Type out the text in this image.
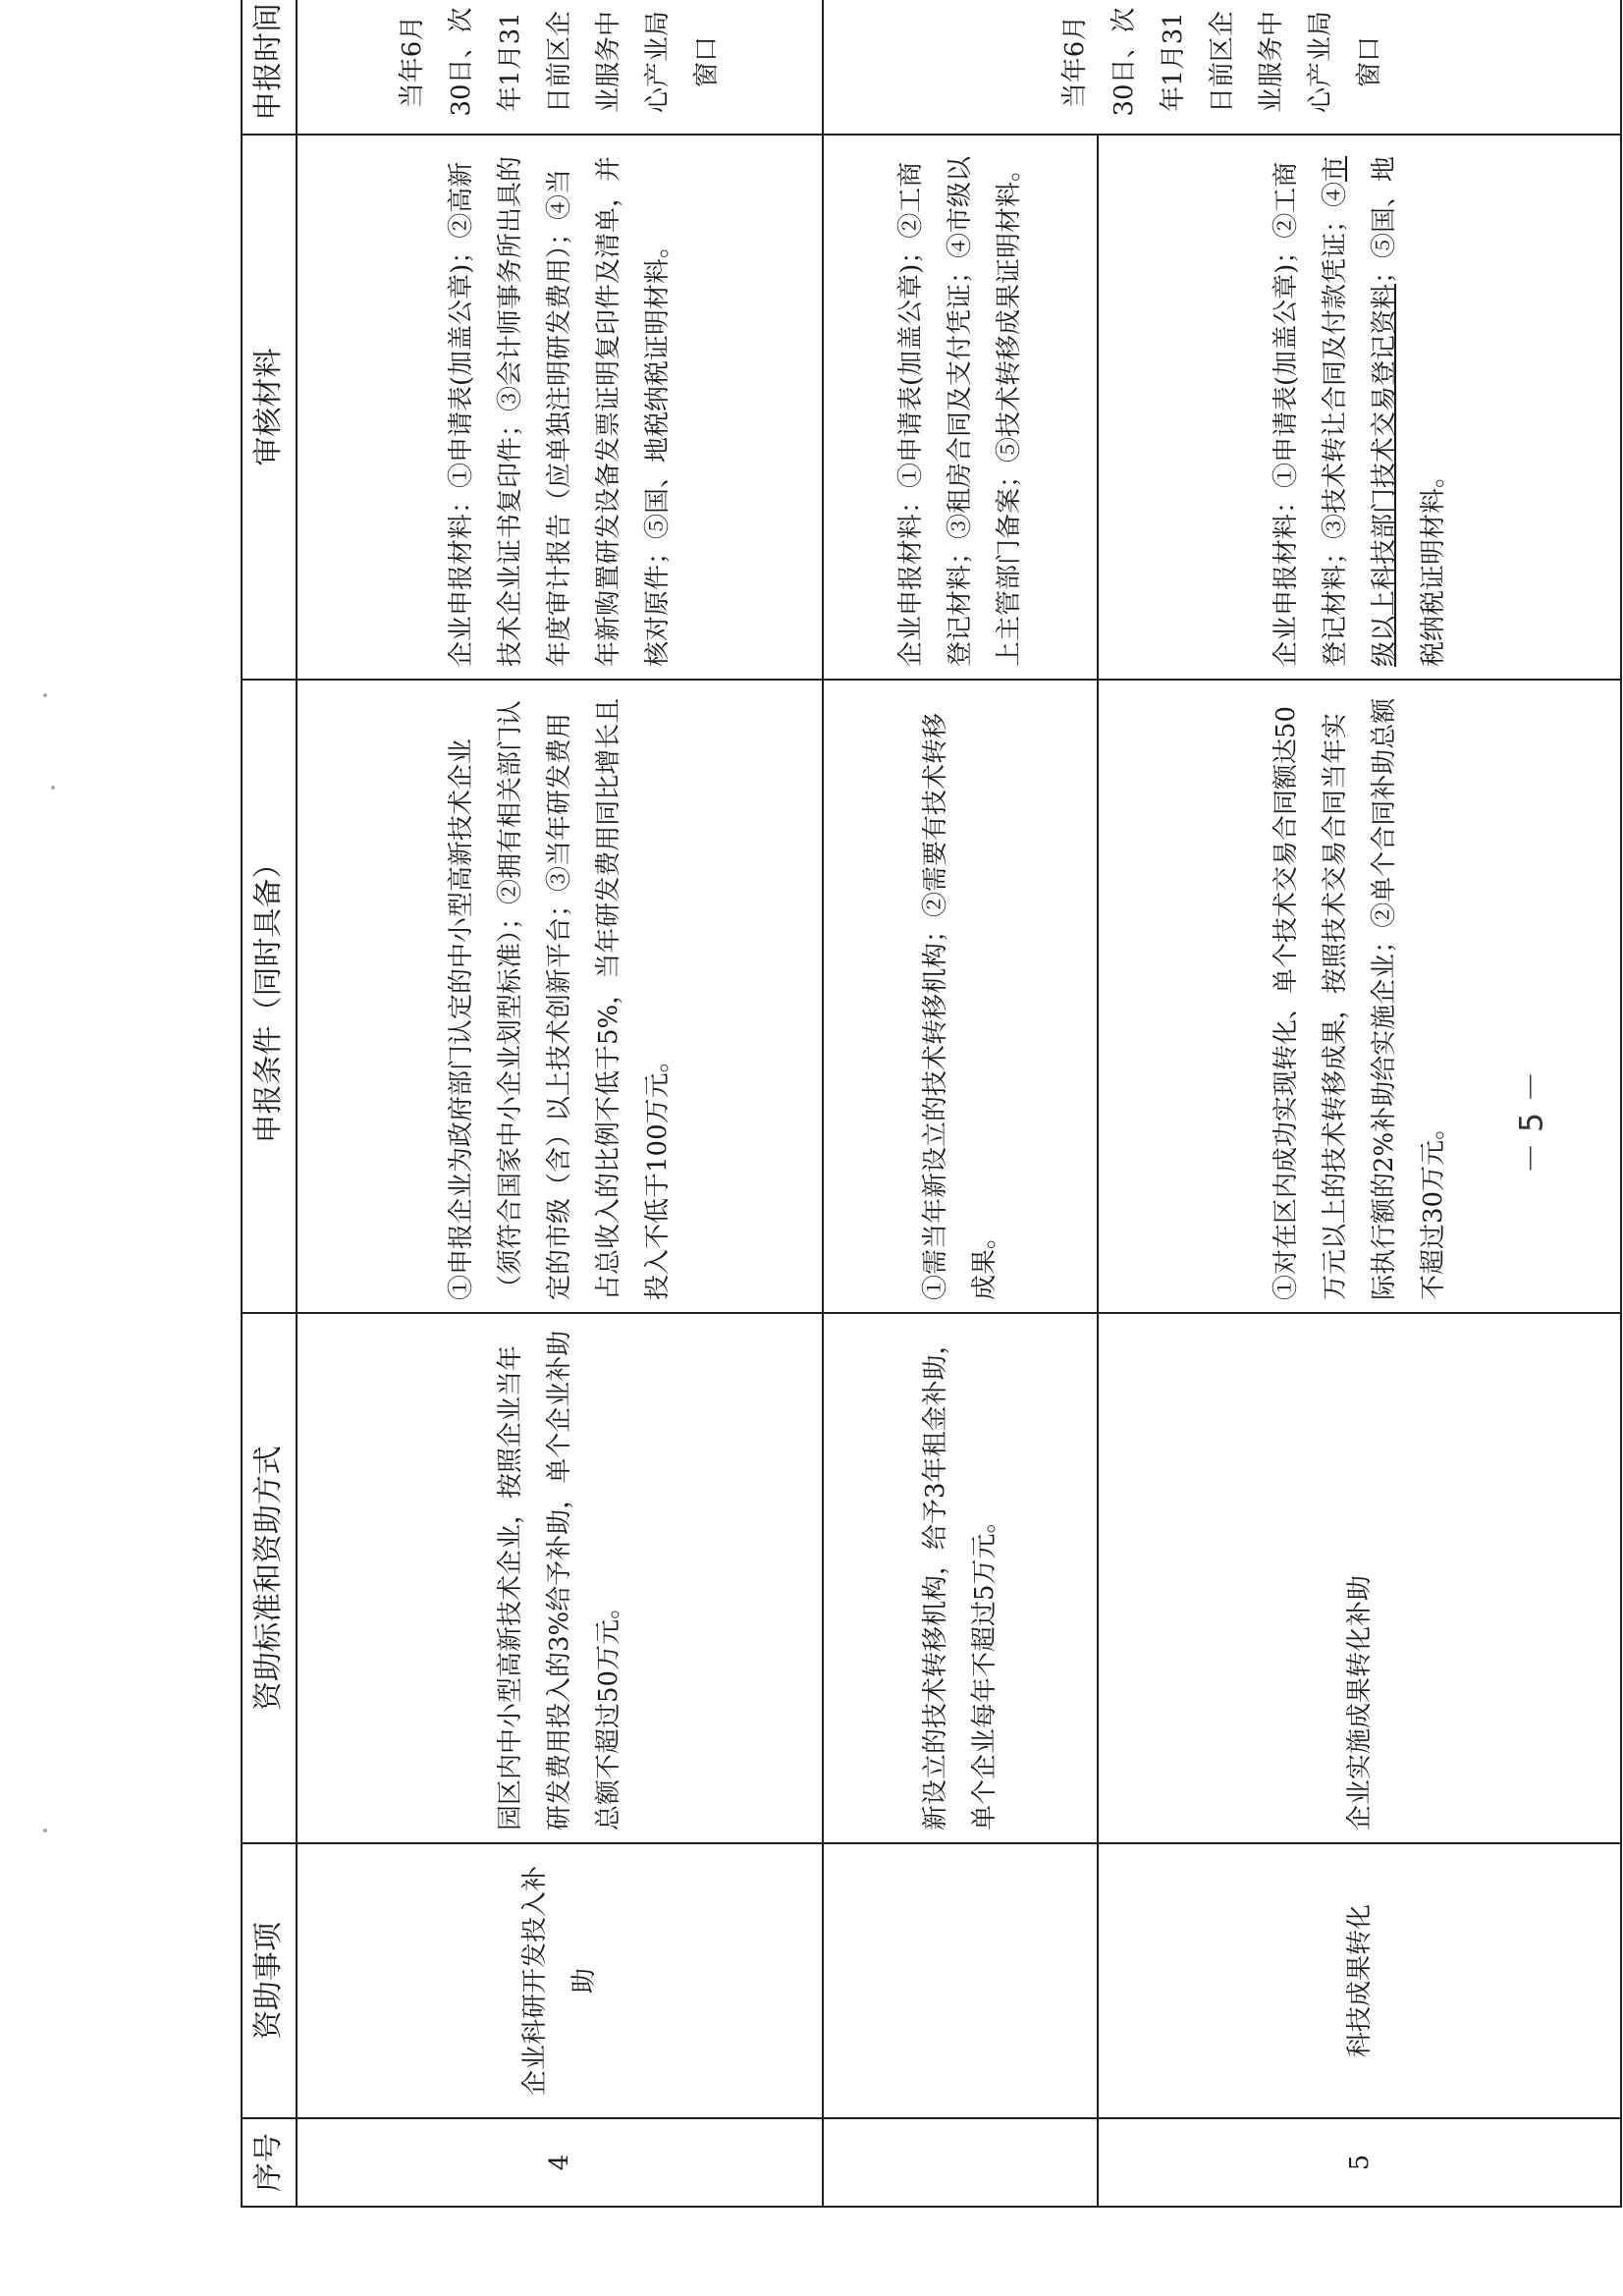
序号	资助事项	资助标准和资助方式	申报条件（同时具备）	审核材料	申报时间

4	企业科研开发投入补助	园区内中小型高新技术企业，按照企业当年研发费用投入的3%给予补助，单个企业补助总额不超过50万元。	①申报企业为政府部门认定的中小型高新技术企业（须符合国家中小企业划型标准）；②拥有相关部门认定的市级（含）以上技术创新平台；③当年研发费用占总收入的比例不低于5%，当年研发费用同比增长且投入不低于100万元。	企业申报材料：①申请表(加盖公章)；②高新技术企业证书复印件；③会计师事务所出具的年度审计报告（应单独注明研发费用）；④当年新购置研发设备发票证明复印件及清单，并核对原件；⑤国、地税纳税证明材料。	当年6月30日、次年1月31日前区企业服务中心产业局窗口
		新设立的技术转移机构，给予3年租金补助，单个企业每年不超过5万元。	①需当年新设立的技术转移机构；②需要有技术转移成果。	企业申报材料：①申请表(加盖公章)；②工商登记材料；③租房合同及支付凭证；④市级以上主管部门备案；⑤技术转移成果证明材料。	当年6月30日、次年1月31日前区企业服务中心产业局窗口
5	科技成果转化	企业实施成果转化补助	①对在区内成功实现转化、单个技术交易合同额达50万元以上的技术转移成果，按照技术交易合同当年实际执行额的2%补助给实施企业；②单个合同补助总额不超过30万元。	企业申报材料：①申请表(加盖公章)；②工商登记材料；③技术转让合同及付款凭证；④市级以上科技部门技术交易登记资料；⑤国、地税纳税证明材料。	
－ 5 －
